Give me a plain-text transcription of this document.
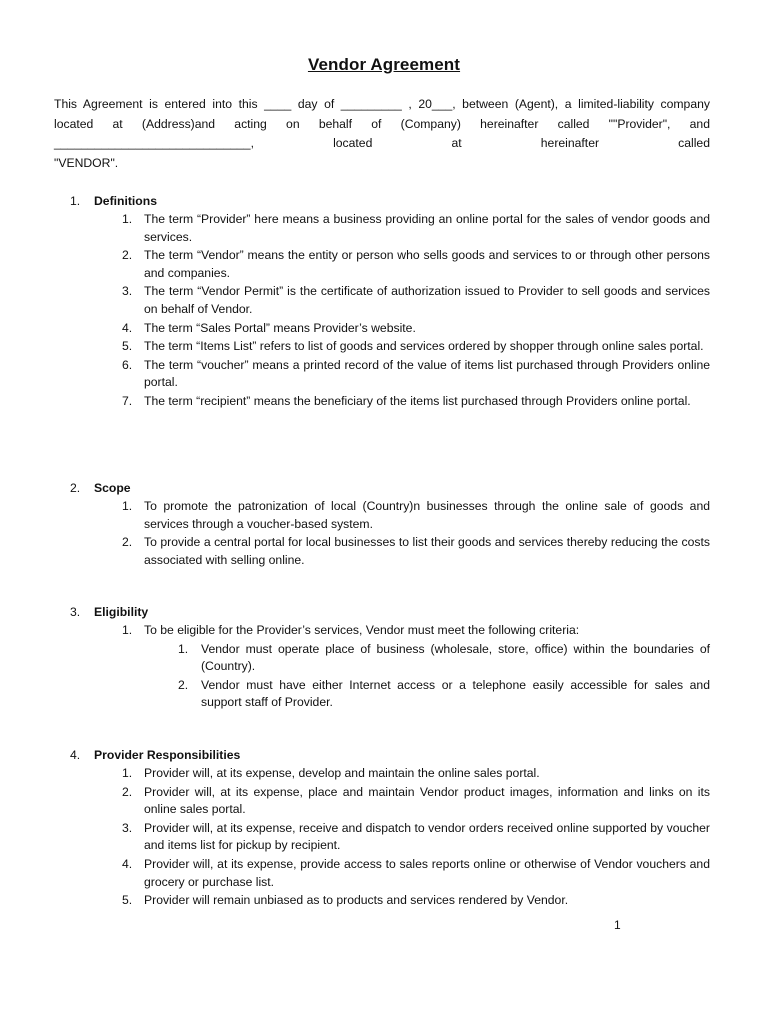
Vendor Agreement

This Agreement is entered into this ____ day of _________ , 20___, between (Agent), a limited-liability company

located at (Address)and acting on behalf of (Company) hereinafter called ""Provider", and

_____________________________, located at hereinafter called

"VENDOR".

1. Definitions
1. The term “Provider” here means a business providing an online portal for the sales of vendor goods and services.
2. The term “Vendor” means the entity or person who sells goods and services to or through other persons and companies.
3. The term “Vendor Permit” is the certificate of authorization issued to Provider to sell goods and services on behalf of Vendor.
4. The term “Sales Portal” means Provider’s website.
5. The term “Items List” refers to list of goods and services ordered by shopper through online sales portal.
6. The term “voucher” means a printed record of the value of items list purchased through Providers online portal.
7. The term “recipient” means the beneficiary of the items list purchased through Providers online portal.
2. Scope
1. To promote the patronization of local (Country)n businesses through the online sale of goods and services through a voucher-based system.
2. To provide a central portal for local businesses to list their goods and services thereby reducing the costs associated with selling online.
3. Eligibility
1. To be eligible for the Provider’s services, Vendor must meet the following criteria:
1. Vendor must operate place of business (wholesale, store, office) within the boundaries of (Country).
2. Vendor must have either Internet access or a telephone easily accessible for sales and support staff of Provider.
4. Provider Responsibilities
1. Provider will, at its expense, develop and maintain the online sales portal.
2. Provider will, at its expense, place and maintain Vendor product images, information and links on its online sales portal.
3. Provider will, at its expense, receive and dispatch to vendor orders received online supported by voucher and items list for pickup by recipient.
4. Provider will, at its expense, provide access to sales reports online or otherwise of Vendor vouchers and grocery or purchase list.
5. Provider will remain unbiased as to products and services rendered by Vendor.
1
